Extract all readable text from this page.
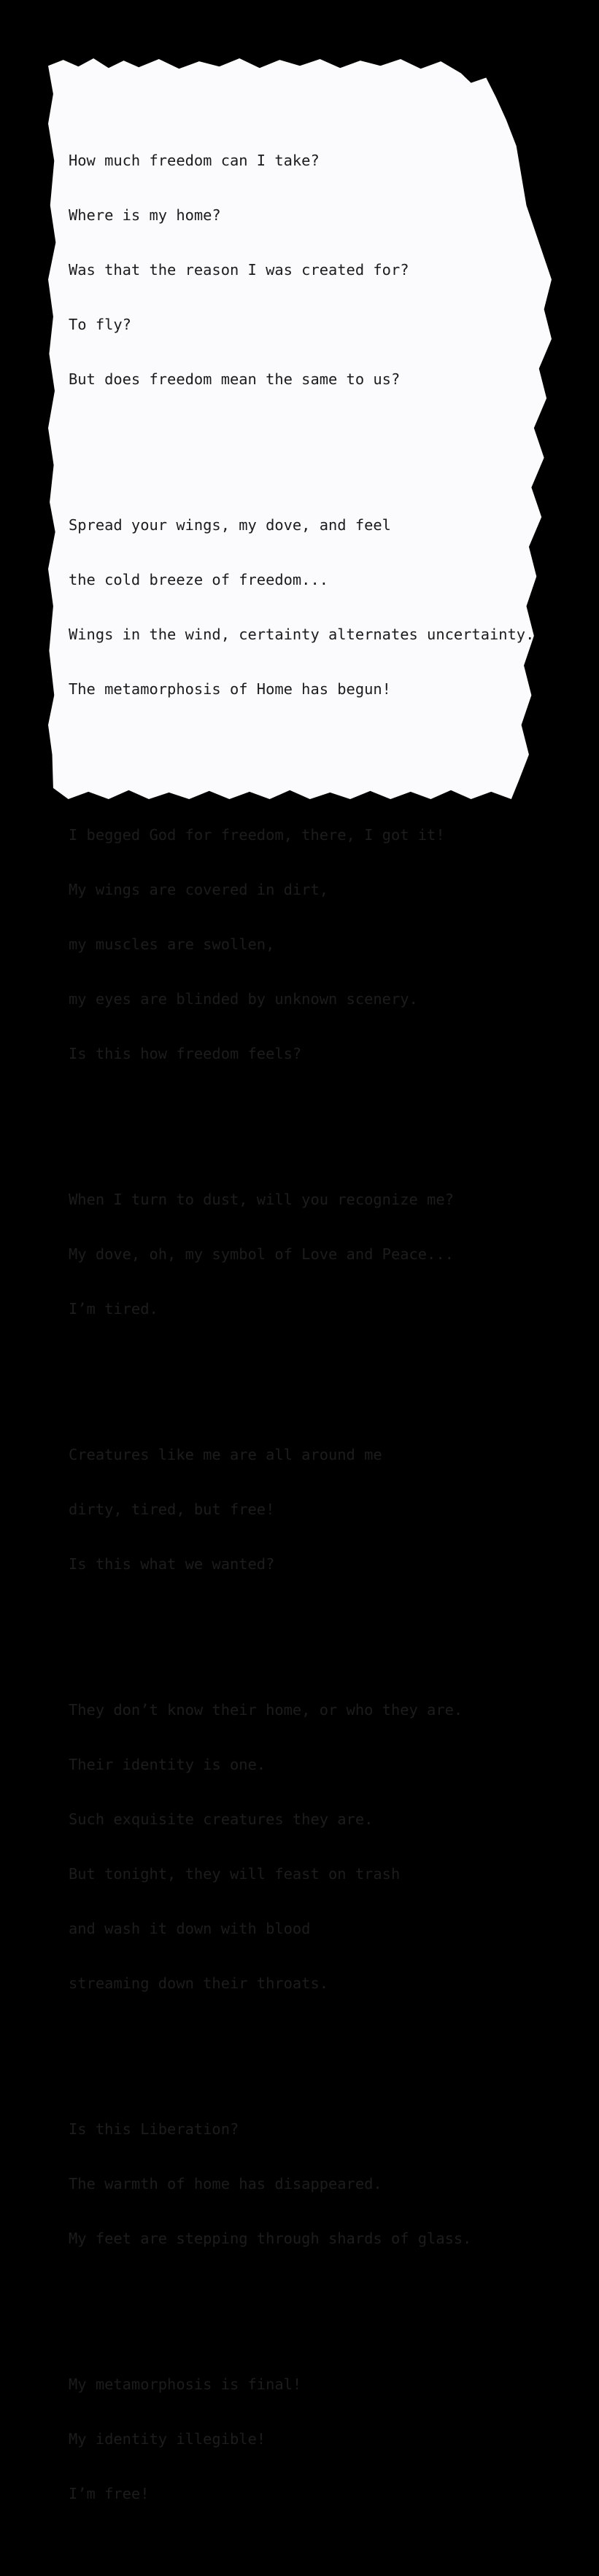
How much freedom can I take?

Where is my home?

Was that the reason I was created for?

To fly?

But does freedom mean the same to us?

Spread your wings, my dove, and feel

the cold breeze of freedom...

Wings in the wind, certainty alternates uncertainty.

The metamorphosis of Home has begun!

I begged God for freedom, there, I got it!

My wings are covered in dirt,

my muscles are swollen,

my eyes are blinded by unknown scenery.

Is this how freedom feels?

When I turn to dust, will you recognize me?

My dove, oh, my symbol of Love and Peace...

I’m tired.

Creatures like me are all around me

dirty, tired, but free!

Is this what we wanted?

They don’t know their home, or who they are.

Their identity is one.

Such exquisite creatures they are.

But tonight, they will feast on trash

and wash it down with blood

streaming down their throats.

Is this Liberation?

The warmth of home has disappeared.

My feet are stepping through shards of glass.

My metamorphosis is final!

My identity illegible!

I’m free!
